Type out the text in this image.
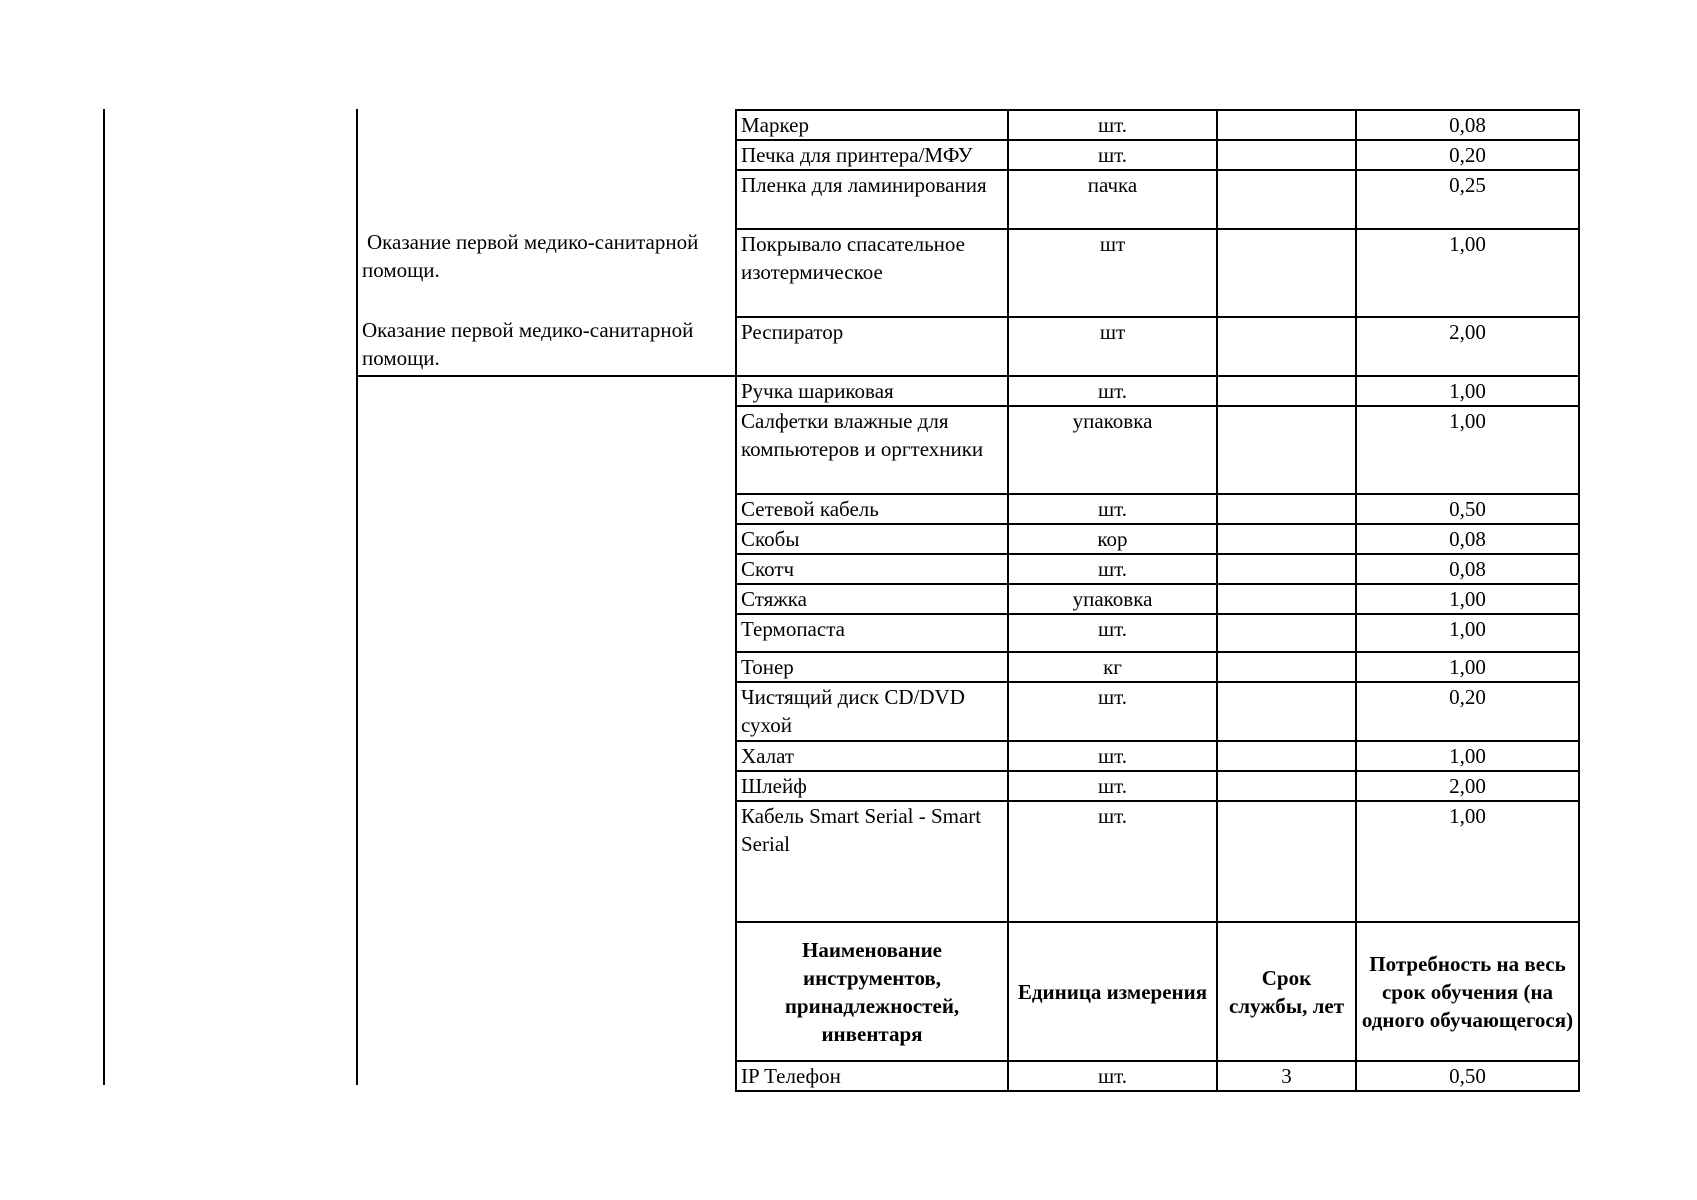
Оказание первой медико-санитарной помощи.
Оказание первой медико-санитарной помощи.
Маркер	шт.		0,08
Печка для принтера/МФУ	шт.		0,20
Пленка для ламинирования	пачка		0,25
Покрывало спасательное изотермическое	шт		1,00
Респиратор	шт		2,00
Ручка шариковая	шт.		1,00
Салфетки влажные для компьютеров и оргтехники	упаковка		1,00
Сетевой кабель	шт.		0,50
Скобы	кор		0,08
Скотч	шт.		0,08
Стяжка	упаковка		1,00
Термопаста	шт.		1,00
Тонер	кг		1,00
Чистящий диск CD/DVD сухой	шт.		0,20
Халат	шт.		1,00
Шлейф	шт.		2,00
Кабель Smart Serial - Smart Serial	шт.		1,00
Наименование инструментов, принадлежностей, инвентаря	Единица измерения	Срок службы, лет	Потребность на весь срок обучения (на одного обучающегося)
IP Телефон	шт.	3	0,50
